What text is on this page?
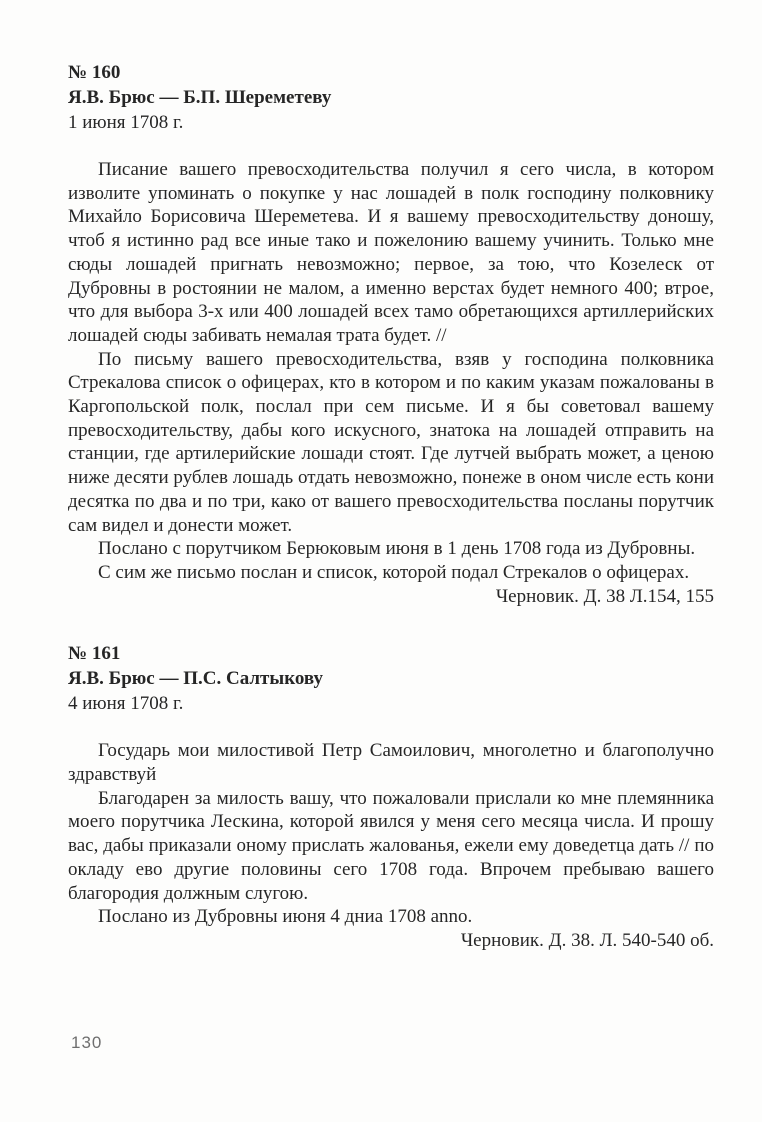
№ 160
Я.В. Брюс — Б.П. Шереметеву
1 июня 1708 г.

Писание вашего превосходительства получил я сего числа, в котором изволите упоминать о покупке у нас лошадей в полк господину полковнику Михайло Борисовича Шереметева. И я вашему превосходительству доношу, чтоб я истинно рад все иные тако и пожелонию вашему учинить. Только мне сюды лошадей пригнать невозможно; первое, за тою, что Козелеск от Дубровны в ростоянии не малом, а именно верстах будет немного 400; втрое, что для выбора 3-х или 400 лошадей всех тамо обретающихся артиллерийских лошадей сюды забивать немалая трата будет. //

По письму вашего превосходительства, взяв у господина полковника Стрекалова список о офицерах, кто в котором и по каким указам пожалованы в Каргопольской полк, послал при сем письме. И я бы советовал вашему превосходительству, дабы кого искусного, знатока на лошадей отправить на станции, где артилерийские лошади стоят. Где лутчей выбрать может, а ценою ниже десяти рублев лошадь отдать невозможно, понеже в оном числе есть кони десятка по два и по три, како от вашего превосходительства посланы порутчик сам видел и донести может.

Послано с порутчиком Берюковым июня в 1 день 1708 года из Дубровны.

С сим же письмо послан и список, которой подал Стрекалов о офицерах.

Черновик. Д. 38 Л.154, 155

№ 161
Я.В. Брюс — П.С. Салтыкову
4 июня 1708 г.

Государь мои милостивой Петр Самоилович, многолетно и благополучно здравствуй

Благодарен за милость вашу, что пожаловали прислали ко мне племянника моего порутчика Лескина, которой явился у меня сего месяца числа. И прошу вас, дабы приказали оному прислать жалованья, ежели ему доведетца дать // по окладу ево другие половины сего 1708 года. Впрочем пребываю вашего благородия должным слугою.

Послано из Дубровны июня 4 дниа 1708 anno.

Черновик. Д. 38. Л. 540-540 об.

130
